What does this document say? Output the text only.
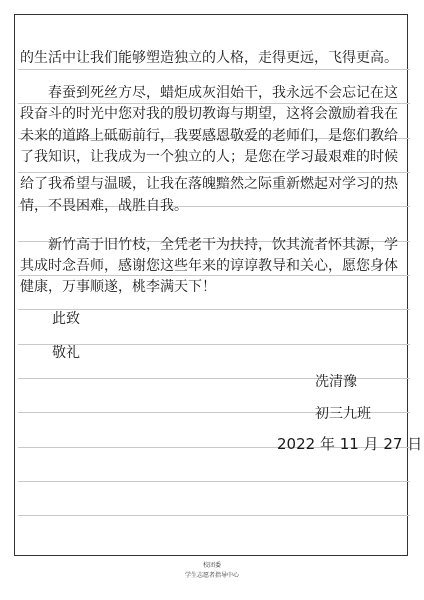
的生活中让我们能够塑造独立的人格，走得更远，飞得更高。
　　春蚕到死丝方尽，蜡炬成灰泪始干，我永远不会忘记在这
段奋斗的时光中您对我的殷切教诲与期望，这将会激励着我在
未来的道路上砥砺前行，我要感恩敬爱的老师们，是您们教给
了我知识，让我成为一个独立的人；是您在学习最艰难的时候
给了我希望与温暖，让我在落魄黯然之际重新燃起对学习的热
情，不畏困难，战胜自我。
　　新竹高于旧竹枝，全凭老干为扶持，饮其流者怀其源，学
其成时念吾师，感谢您这些年来的谆谆教导和关心，愿您身体
健康，万事顺遂，桃李满天下！
此致
敬礼
冼清豫
初三九班
2022 年 11 月 27 日
校团委
学生志愿者指导中心
